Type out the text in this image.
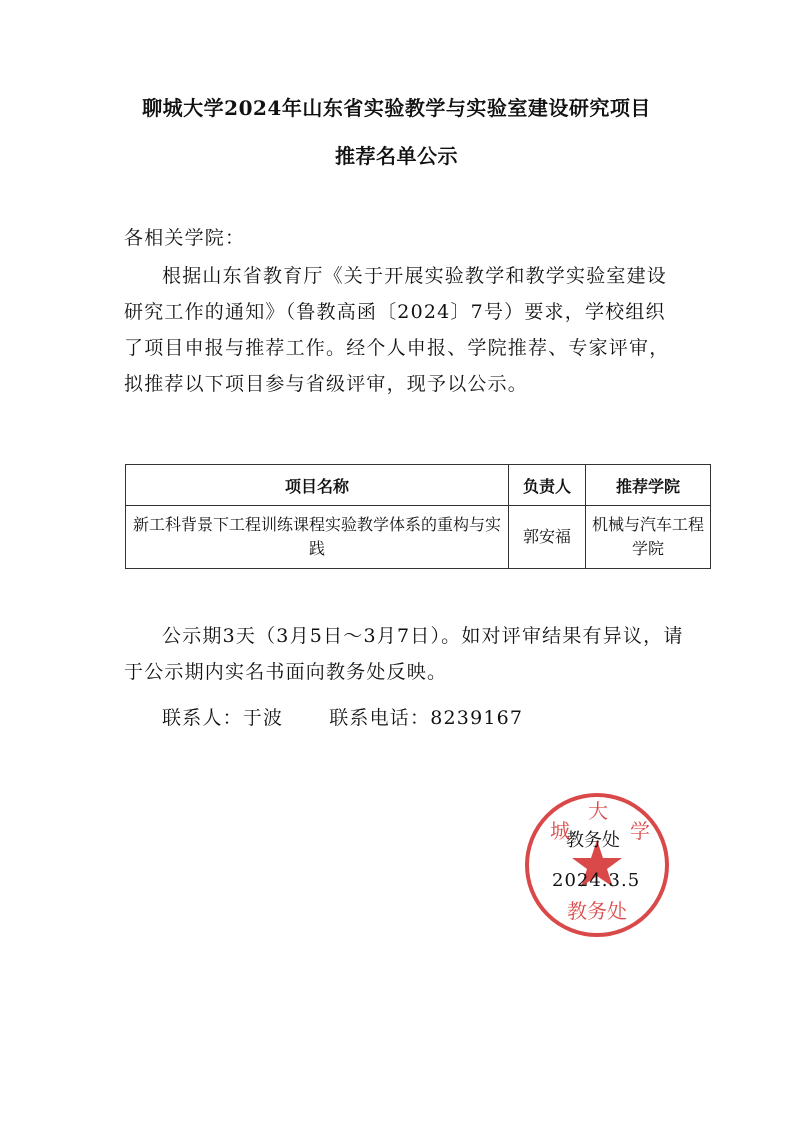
聊城大学2024年山东省实验教学与实验室建设研究项目
推荐名单公示
各相关学院：
根据山东省教育厅《关于开展实验教学和教学实验室建设研究工作的通知》（鲁教高函〔2024〕7号）要求，学校组织了项目申报与推荐工作。经个人申报、学院推荐、专家评审，拟推荐以下项目参与省级评审，现予以公示。
项目名称	负责人	推荐学院
新工科背景下工程训练课程实验教学体系的重构与实践	郭安福	机械与汽车工程学院
公示期3天（3月5日～3月7日）。如对评审结果有异议，请于公示期内实名书面向教务处反映。
联系人：于波 联系电话：8239167
教务处
城
大
学
教务处
2024.3.5
